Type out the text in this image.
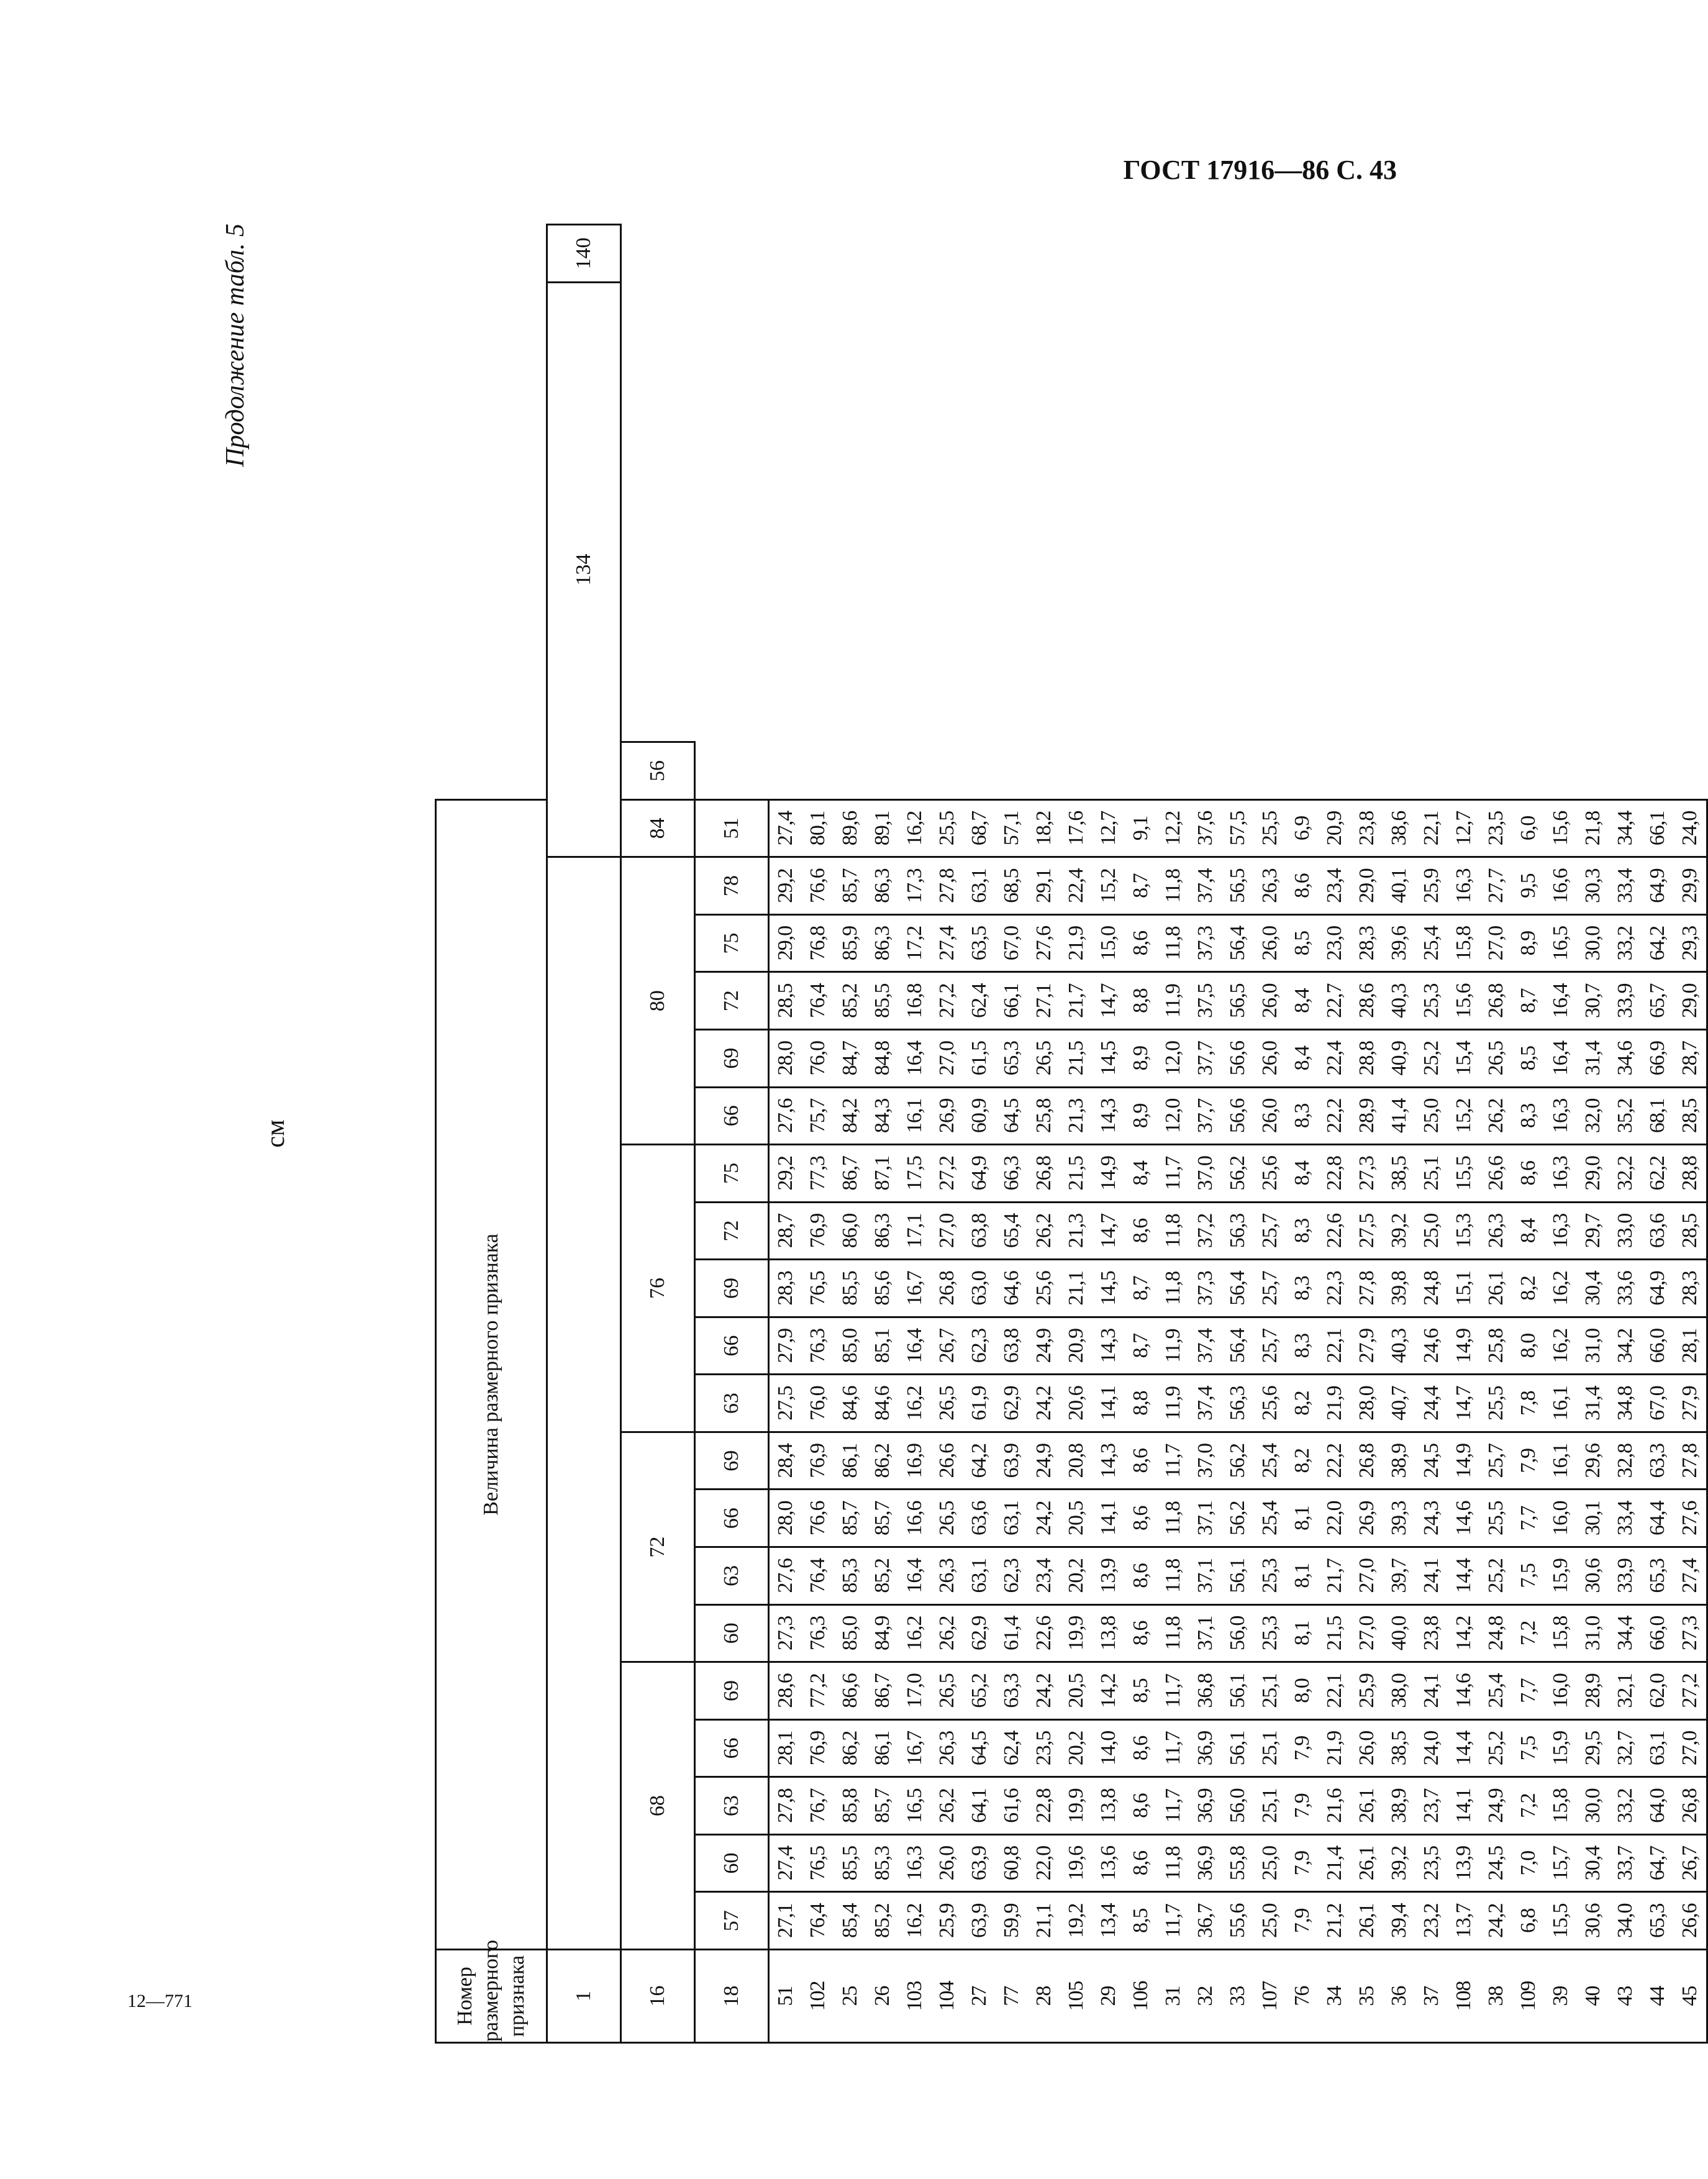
ГОСТ 17916—86 С. 43
12—771
Продолжение табл. 5
см
Номер размерного признака	Величина размерного признака																					
1																				134		140
16	68					72				76					80					84	56	
18	57	60	63	66	69	60	63	66	69	63	66	69	72	75	66	69	72	75	78	51		
51	27,1	27,4	27,8	28,1	28,6	27,3	27,6	28,0	28,4	27,5	27,9	28,3	28,7	29,2	27,6	28,0	28,5	29,0	29,2	27,4		
102	76,4	76,5	76,7	76,9	77,2	76,3	76,4	76,6	76,9	76,0	76,3	76,5	76,9	77,3	75,7	76,0	76,4	76,8	76,6	80,1		
25	85,4	85,5	85,8	86,2	86,6	85,0	85,3	85,7	86,1	84,6	85,0	85,5	86,0	86,7	84,2	84,7	85,2	85,9	85,7	89,6		
26	85,2	85,3	85,7	86,1	86,7	84,9	85,2	85,7	86,2	84,6	85,1	85,6	86,3	87,1	84,3	84,8	85,5	86,3	86,3	89,1		
103	16,2	16,3	16,5	16,7	17,0	16,2	16,4	16,6	16,9	16,2	16,4	16,7	17,1	17,5	16,1	16,4	16,8	17,2	17,3	16,2		
104	25,9	26,0	26,2	26,3	26,5	26,2	26,3	26,5	26,6	26,5	26,7	26,8	27,0	27,2	26,9	27,0	27,2	27,4	27,8	25,5		
27	63,9	63,9	64,1	64,5	65,2	62,9	63,1	63,6	64,2	61,9	62,3	63,0	63,8	64,9	60,9	61,5	62,4	63,5	63,1	68,7		
77	59,9	60,8	61,6	62,4	63,3	61,4	62,3	63,1	63,9	62,9	63,8	64,6	65,4	66,3	64,5	65,3	66,1	67,0	68,5	57,1		
28	21,1	22,0	22,8	23,5	24,2	22,6	23,4	24,2	24,9	24,2	24,9	25,6	26,2	26,8	25,8	26,5	27,1	27,6	29,1	18,2		
105	19,2	19,6	19,9	20,2	20,5	19,9	20,2	20,5	20,8	20,6	20,9	21,1	21,3	21,5	21,3	21,5	21,7	21,9	22,4	17,6		
29	13,4	13,6	13,8	14,0	14,2	13,8	13,9	14,1	14,3	14,1	14,3	14,5	14,7	14,9	14,3	14,5	14,7	15,0	15,2	12,7		
106	8,5	8,6	8,6	8,6	8,5	8,6	8,6	8,6	8,6	8,8	8,7	8,7	8,6	8,4	8,9	8,9	8,8	8,6	8,7	9,1		
31	11,7	11,8	11,7	11,7	11,7	11,8	11,8	11,8	11,7	11,9	11,9	11,8	11,8	11,7	12,0	12,0	11,9	11,8	11,8	12,2		
32	36,7	36,9	36,9	36,9	36,8	37,1	37,1	37,1	37,0	37,4	37,4	37,3	37,2	37,0	37,7	37,7	37,5	37,3	37,4	37,6		
33	55,6	55,8	56,0	56,1	56,1	56,0	56,1	56,2	56,2	56,3	56,4	56,4	56,3	56,2	56,6	56,6	56,5	56,4	56,5	57,5		
107	25,0	25,0	25,1	25,1	25,1	25,3	25,3	25,4	25,4	25,6	25,7	25,7	25,7	25,6	26,0	26,0	26,0	26,0	26,3	25,5		
76	7,9	7,9	7,9	7,9	8,0	8,1	8,1	8,1	8,2	8,2	8,3	8,3	8,3	8,4	8,3	8,4	8,4	8,5	8,6	6,9		
34	21,2	21,4	21,6	21,9	22,1	21,5	21,7	22,0	22,2	21,9	22,1	22,3	22,6	22,8	22,2	22,4	22,7	23,0	23,4	20,9		
35	26,1	26,1	26,1	26,0	25,9	27,0	27,0	26,9	26,8	28,0	27,9	27,8	27,5	27,3	28,9	28,8	28,6	28,3	29,0	23,8		
36	39,4	39,2	38,9	38,5	38,0	40,0	39,7	39,3	38,9	40,7	40,3	39,8	39,2	38,5	41,4	40,9	40,3	39,6	40,1	38,6		
37	23,2	23,5	23,7	24,0	24,1	23,8	24,1	24,3	24,5	24,4	24,6	24,8	25,0	25,1	25,0	25,2	25,3	25,4	25,9	22,1		
108	13,7	13,9	14,1	14,4	14,6	14,2	14,4	14,6	14,9	14,7	14,9	15,1	15,3	15,5	15,2	15,4	15,6	15,8	16,3	12,7		
38	24,2	24,5	24,9	25,2	25,4	24,8	25,2	25,5	25,7	25,5	25,8	26,1	26,3	26,6	26,2	26,5	26,8	27,0	27,7	23,5		
109	6,8	7,0	7,2	7,5	7,7	7,2	7,5	7,7	7,9	7,8	8,0	8,2	8,4	8,6	8,3	8,5	8,7	8,9	9,5	6,0		
39	15,5	15,7	15,8	15,9	16,0	15,8	15,9	16,0	16,1	16,1	16,2	16,2	16,3	16,3	16,3	16,4	16,4	16,5	16,6	15,6		
40	30,6	30,4	30,0	29,5	28,9	31,0	30,6	30,1	29,6	31,4	31,0	30,4	29,7	29,0	32,0	31,4	30,7	30,0	30,3	21,8		
43	34,0	33,7	33,2	32,7	32,1	34,4	33,9	33,4	32,8	34,8	34,2	33,6	33,0	32,2	35,2	34,6	33,9	33,2	33,4	34,4		
44	65,3	64,7	64,0	63,1	62,0	66,0	65,3	64,4	63,3	67,0	66,0	64,9	63,6	62,2	68,1	66,9	65,7	64,2	64,9	66,1		
45	26,6	26,7	26,8	27,0	27,2	27,3	27,4	27,6	27,8	27,9	28,1	28,3	28,5	28,8	28,5	28,7	29,0	29,3	29,9	24,0		
